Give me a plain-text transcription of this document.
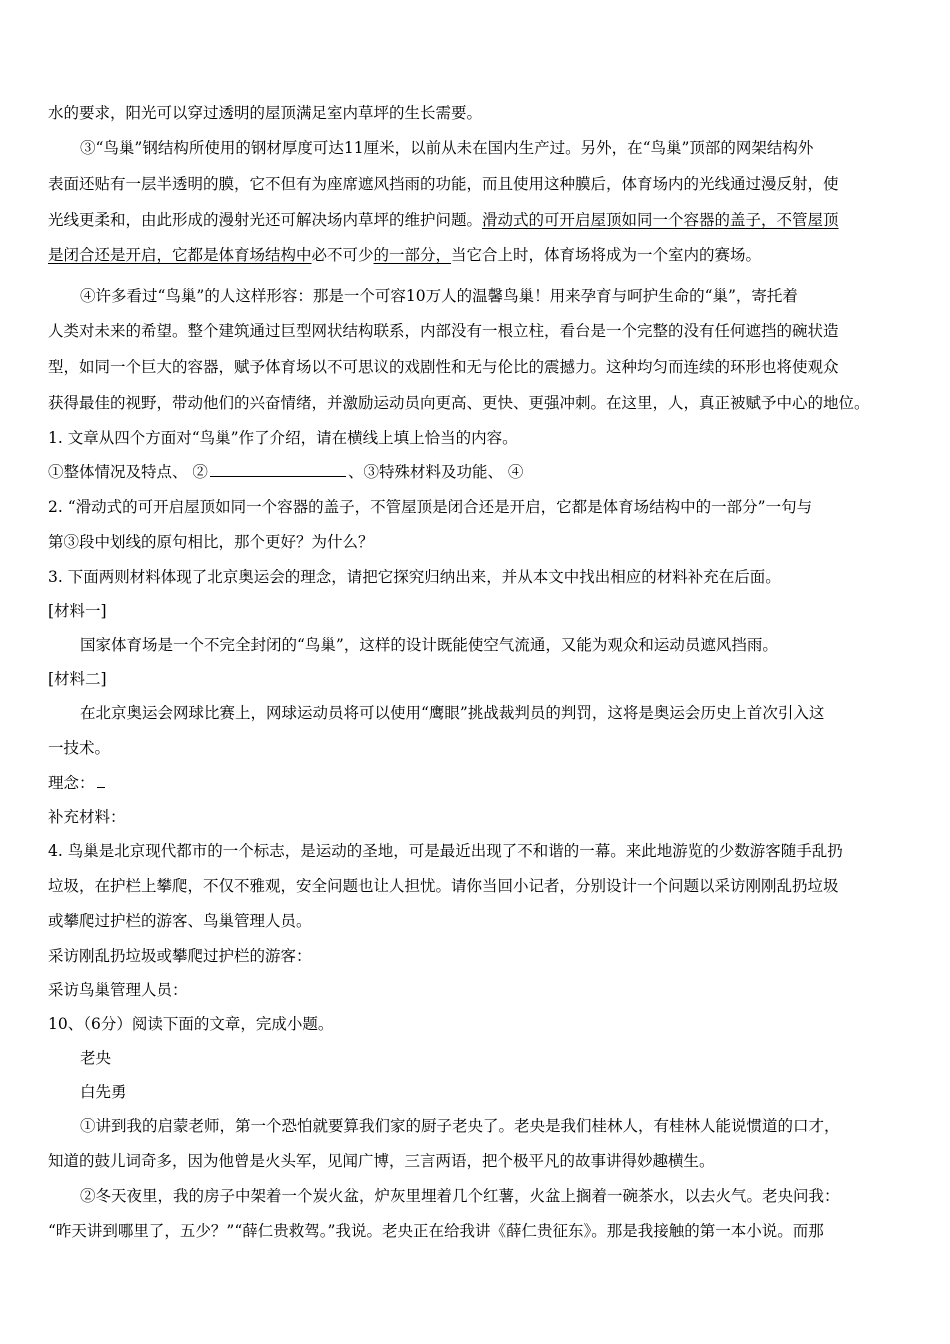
水的要求，阳光可以穿过透明的屋顶满足室内草坪的生长需要。
③“鸟巢”钢结构所使用的钢材厚度可达11厘米，以前从未在国内生产过。另外，在“鸟巢”顶部的网架结构外
表面还贴有一层半透明的膜，它不但有为座席遮风挡雨的功能，而且使用这种膜后，体育场内的光线通过漫反射，使
光线更柔和，由此形成的漫射光还可解决场内草坪的维护问题。滑动式的可开启屋顶如同一个容器的盖子，不管屋顶
是闭合还是开启，它都是体育场结构中必不可少的一部分，当它合上时，体育场将成为一个室内的赛场。
④许多看过“鸟巢”的人这样形容：那是一个可容10万人的温馨鸟巢！用来孕育与呵护生命的“巢”，寄托着
人类对未来的希望。整个建筑通过巨型网状结构联系，内部没有一根立柱，看台是一个完整的没有任何遮挡的碗状造
型，如同一个巨大的容器，赋予体育场以不可思议的戏剧性和无与伦比的震撼力。这种均匀而连续的环形也将使观众
获得最佳的视野，带动他们的兴奋情绪，并激励运动员向更高、更快、更强冲刺。在这里，人，真正被赋予中心的地位。
1. 文章从四个方面对“鸟巢”作了介绍，请在横线上填上恰当的内容。
①整体情况及特点、 ②	、③特殊材料及功能、 ④
2. “滑动式的可开启屋顶如同一个容器的盖子，不管屋顶是闭合还是开启，它都是体育场结构中的一部分”一句与
第③段中划线的原句相比，那个更好？为什么？
3. 下面两则材料体现了北京奥运会的理念，请把它探究归纳出来，并从本文中找出相应的材料补充在后面。
[材料一]
国家体育场是一个不完全封闭的“鸟巢”，这样的设计既能使空气流通，又能为观众和运动员遮风挡雨。
[材料二]
在北京奥运会网球比赛上，网球运动员将可以使用“鹰眼”挑战裁判员的判罚，这将是奥运会历史上首次引入这
一技术。
理念：
补充材料：
4. 鸟巢是北京现代都市的一个标志，是运动的圣地，可是最近出现了不和谐的一幕。来此地游览的少数游客随手乱扔
垃圾，在护栏上攀爬，不仅不雅观，安全问题也让人担忧。请你当回小记者，分别设计一个问题以采访刚刚乱扔垃圾
或攀爬过护栏的游客、鸟巢管理人员。
采访刚乱扔垃圾或攀爬过护栏的游客：
采访鸟巢管理人员：
10、（6分）阅读下面的文章，完成小题。
老央
白先勇
①讲到我的启蒙老师，第一个恐怕就要算我们家的厨子老央了。老央是我们桂林人，有桂林人能说惯道的口才，
知道的鼓儿词奇多，因为他曾是火头军，见闻广博，三言两语，把个极平凡的故事讲得妙趣横生。
②冬天夜里，我的房子中架着一个炭火盆，炉灰里埋着几个红薯，火盆上搁着一碗茶水，以去火气。老央问我：
“昨天讲到哪里了，五少？”“薛仁贵救驾。”我说。老央正在给我讲《薛仁贵征东》。那是我接触的第一本小说。而那
